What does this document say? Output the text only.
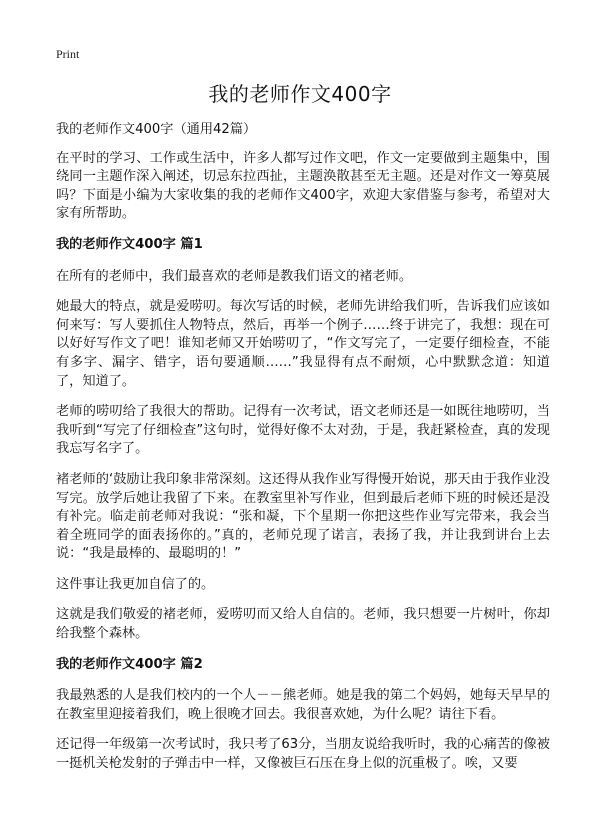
Print
我的老师作文400字

我的老师作文400字（通用42篇）

在平时的学习、工作或生活中，许多人都写过作文吧，作文一定要做到主题集中，围绕同一主题作深入阐述，切忌东拉西扯，主题涣散甚至无主题。还是对作文一筹莫展吗？下面是小编为大家收集的我的老师作文400字，欢迎大家借鉴与参考，希望对大家有所帮助。

我的老师作文400字 篇1

在所有的老师中，我们最喜欢的老师是教我们语文的褚老师。

她最大的特点，就是爱唠叨。每次写话的时候，老师先讲给我们听，告诉我们应该如何来写：写人要抓住人物特点，然后，再举一个例子……终于讲完了，我想：现在可以好好写作文了吧！谁知老师又开始唠叨了，“作文写完了，一定要仔细检查，不能有多字、漏字、错字，语句要通顺……”我显得有点不耐烦，心中默默念道：知道了，知道了。

老师的唠叨给了我很大的帮助。记得有一次考试，语文老师还是一如既往地唠叨，当我听到“写完了仔细检查”这句时，觉得好像不太对劲，于是，我赶紧检查，真的发现我忘写名字了。

褚老师的‘鼓励让我印象非常深刻。这还得从我作业写得慢开始说，那天由于我作业没写完。放学后她让我留了下来。在教室里补写作业，但到最后老师下班的时候还是没有补完。临走前老师对我说：“张和凝，下个星期一你把这些作业写完带来，我会当着全班同学的面表扬你的。”真的，老师兑现了诺言，表扬了我，并让我到讲台上去说：“我是最棒的、最聪明的！”

这件事让我更加自信了的。

这就是我们敬爱的褚老师，爱唠叨而又给人自信的。老师，我只想要一片树叶，你却给我整个森林。

我的老师作文400字 篇2

我最熟悉的人是我们校内的一个人－－熊老师。她是我的第二个妈妈，她每天早早的在教室里迎接着我们，晚上很晚才回去。我很喜欢她，为什么呢？请往下看。

还记得一年级第一次考试时，我只考了63分，当朋友说给我听时，我的心痛苦的像被一挺机关枪发射的子弹击中一样，又像被巨石压在身上似的沉重极了。唉，又要
